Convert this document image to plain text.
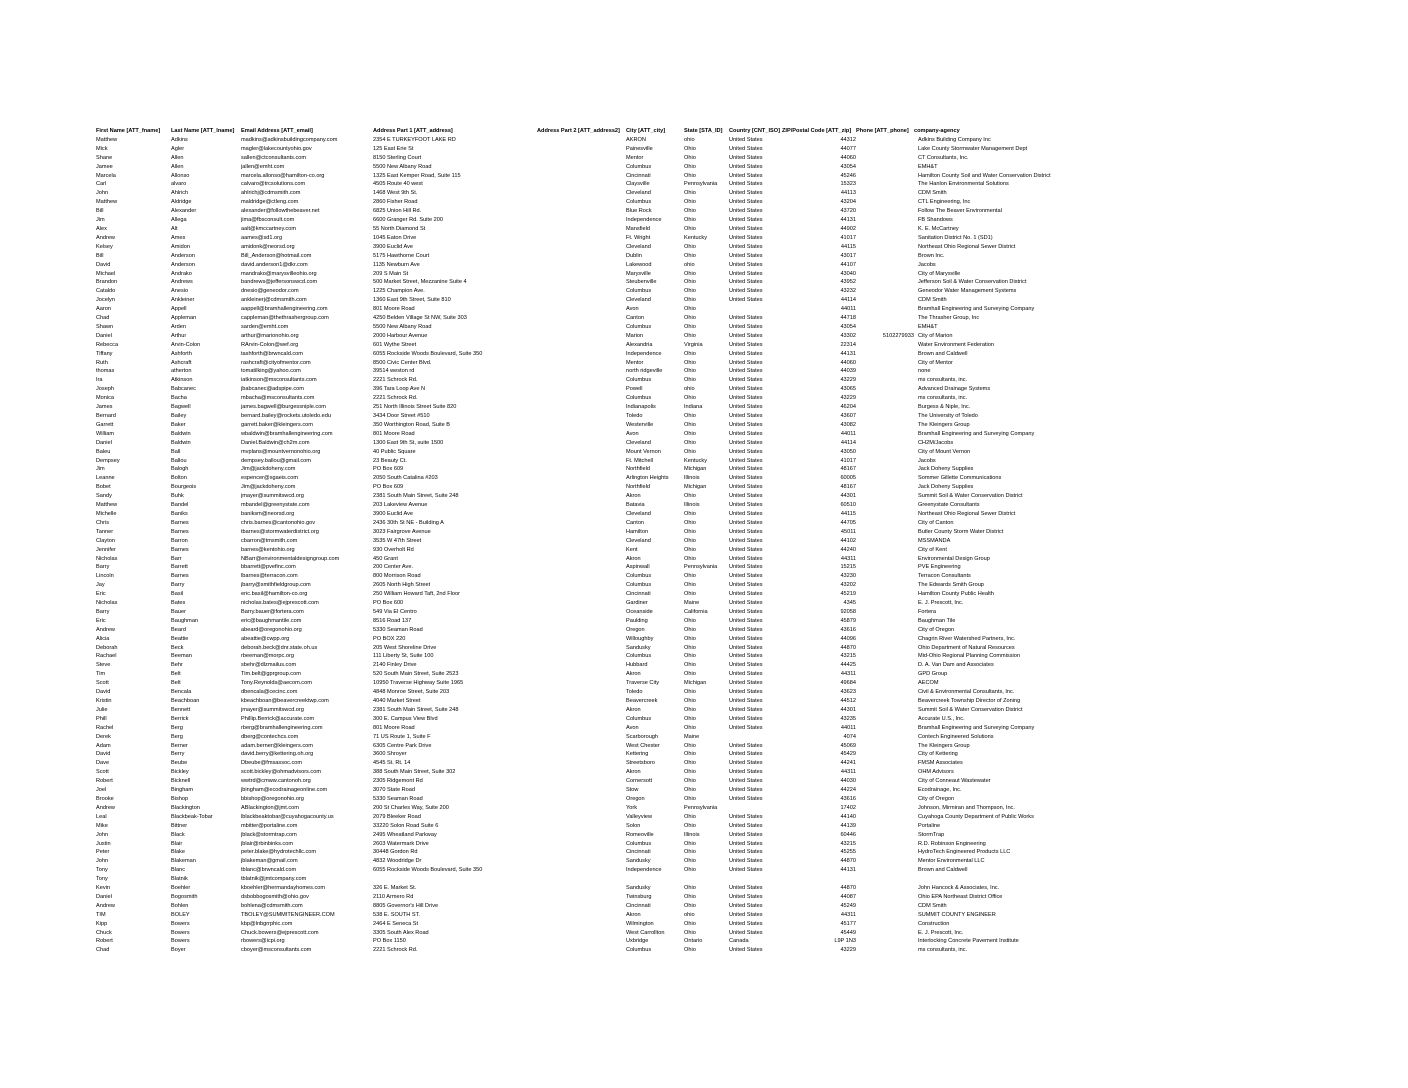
First Name [ATT_fname]	Last Name [ATT_lname]	Email Address [ATT_email]	Address Part 1 [ATT_address]	Address Part 2 [ATT_address2]	City [ATT_city]	State [STA_ID]	Country [CNT_ISO]	ZIP/Postal Code [ATT_zip]	Phone [ATT_phone]	company-agency
Matthew	Adkins	madkins@adkinsbuildingcompany.com	2354 E TURKEYFOOT LAKE RD		AKRON	ohio	United States	44312		Adkins Building Company Inc
Mick	Agler	magler@lakecountyohio.gov	125 East Erie St		Painesville	Ohio	United States	44077		Lake County Stormwater Management Dept
Shane	Allen	sallen@ctconsultants.com	8150 Sterling Court		Mentor	Ohio	United States	44060		CT Consultants, Inc.
Jamee	Allen	jallen@emht.com	5500 New Albany Road		Columbus	Ohio	United States	43054		EMH&T
Marcela	Allonso	marcela.allonso@hamilton-co.org	1325 East Kemper Road, Suite 115		Cincinnati	Ohio	United States	45246		Hamilton County Soil and Water Conservation District
Carl	alvaro	calvaro@trcsolutions.com	4505 Route 40 west		Claysville	Pennsylvania	United States	15323		The Hanlon Environmental Solutions
John	Ahlrich	ahlrichj@cdmsmith.com	1468 West 9th St.		Cleveland	Ohio	United States	44113		CDM Smith
Matthew	Aldridge	maldridge@ctleng.com	2860 Fisher Road		Columbus	Ohio	United States	43204		CTL Engineering, Inc
Bill	Alexander	alexander@followthebeaver.net	6825 Union Hill Rd.		Blue Rock	Ohio	United States	43720		Follow The Beaver Environmental
Jim	Allega	jima@fbsconsult.com	6600 Granger Rd. Suite 200		Independence	Ohio	United States	44131		FB Shandows
Alex	Alt	aalt@kmccartney.com	55 North Diamond St		Mansfield	Ohio	United States	44902		K. E. McCartney
Andrew	Ames	aames@sd1.org	1045 Eaton Drive		Ft. Wright	Kentucky	United States	41017		Sanitation District No. 1 (SD1)
Kelsey	Amidon	amidonk@neorsd.org	3900 Euclid Ave		Cleveland	Ohio	United States	44115		Northeast Ohio Regional Sewer District
Bill	Anderson	Bill_Anderson@hotmail.com	5175 Hawthorne Court		Dublin	Ohio	United States	43017		Brown Inc.
David	Anderson	david.anderson1@dkr.com	1135 Newburn Ave		Lakewood	ohio	United States	44107		Jacobs
Michael	Andrako	mandrako@marysvilleohio.org	209 S Main St		Marysville	Ohio	United States	43040		City of Marysville
Brandon	Andrews	bandrews@jeffersonswcd.com	500 Market Street, Mezzanine Suite 4		Steubenville	Ohio	United States	43952		Jefferson Soil & Water Conservation District
Cataldo	Anesio	dnesio@geneodor.com	1225 Champion Ave.		Columbus	Ohio	United States	43232		Geneodor Water Management Systems
Jocelyn	Ankleiner	ankleinerj@cdmsmith.com	1360 East 9th Street, Suite 810		Cleveland	Ohio	United States	44114		CDM Smith
Aaron	Appell	aappell@bramhallengineering.com	801 Moore Road		Avon	Ohio		44011		Bramhall Engineering and Surveying Company
Chad	Appleman	cappleman@thethrashergroup.com	4250 Belden Village St NW, Suite 303		Canton	Ohio	United States	44718		The Thrasher Group, Inc
Shawn	Arden	sarden@emht.com	5500 New Albany Road		Columbus	Ohio	United States	43054		EMH&T
Daniel	Arthur	arthur@marionohio.org	2000 Harbour Avenue		Marion	Ohio	United States	43302	5102279933	City of Marion
Rebecca	Arvin-Colon	RArvin-Colon@wef.org	601 Wythe Street		Alexandria	Virginia	United States	22314		Water Environment Federation
Tiffany	Ashforth	tashforth@brwncald.com	6055 Rockside Woods Boulevard, Suite 350		Independence	Ohio	United States	44131		Brown and Caldwell
Ruth	Ashcraft	rashcraft@cityofmentor.com	8500 Civic Center Blvd.		Mentor	Ohio	United States	44060		City of Mentor
thomas	atherton	tomatilking@yahoo.com	39514 weston rd		north ridgeville	Ohio	United States	44039		none
Ira	Atkinson	iatkinson@msconsultants.com	2221 Schrock Rd.		Columbus	Ohio	United States	43229		ms consultants, inc.
Joseph	Babcanec	jbabcanec@adspipe.com	396 Tara Loop Ave N		Powell	ohio	United States	43065		Advanced Drainage Systems
Monica	Bacha	mbacha@msconsultants.com	2221 Schrock Rd.		Columbus	Ohio	United States	43229		ms consultants, inc.
James	Bagwell	james.bagwell@burgessniple.com	251 North Illinois Street Suite 820		Indianapolis	Indiana	United States	46204		Burgess & Niple, Inc.
Bernard	Bailey	bernard.bailey@rockets.utoledo.edu	3434 Door Street #510		Toledo	Ohio	United States	43607		The University of Toledo
Garrett	Baker	garrett.baker@kleingers.com	350 Worthington Road, Suite B		Westerville	Ohio	United States	43082		The Kleingers Group
William	Baldwin	wbaldwin@bramhallengineering.com	801 Moore Road		Avon	Ohio	United States	44011		Bramhall Engineering and Surveying Company
Daniel	Baldwin	Daniel.Baldwin@ch2m.com	1300 East 9th St, suite 1500		Cleveland	Ohio	United States	44114		CH2M/Jacobs
Baleu	Ball	mvplans@mountvernonohio.org	40 Public Square		Mount Vernon	Ohio	United States	43050		City of Mount Vernon
Dempsey	Ballou	dempsey.ballou@gmail.com	23 Beauty Ct.		Ft. Mitchell	Kentucky	United States	41017		Jacobs
Jim	Balogh	Jim@jackdoheny.com	PO Box 609		Northfield	Michigan	United States	48167		Jack Doheny Supplies
Leanne	Bolton	espencer@sgaeis.com	2050 South Catalina #203		Arlington Heights	Illinois	United States	60005		Sommer Gillette Communications
Bobet	Bourgeois	Jim@jackdoheny.com	PO Box 609		Northfield	Michigan	United States	48167		Jack Doheny Supplies
Sandy	Buhk	jmayer@summitswcd.org	2381 South Main Street, Suite 248		Akron	Ohio	United States	44301		Summit Soil & Water Conservation District
Matthew	Bandel	mbandel@greenystate.com	203 Lakeview Avenue		Batavia	Illinois	United States	60510		Greenystate Consultants
Michelle	Baniks	baniksm@neorsd.org	3900 Euclid Ave		Cleveland	Ohio	United States	44115		Northeast Ohio Regional Sewer District
Chris	Barnes	chris.barnes@cantonohio.gov	2436 30th St NE - Building A		Canton	Ohio	United States	44705		City of Canton
Tanner	Barnes	tbarnes@stormwaterdistrict.org	3023 Fairgrove Avenue		Hamilton	Ohio	United States	45011		Butler County Storm Water District
Clayton	Barron	cbarron@tmsmith.com	3535 W 47th Street		Cleveland	Ohio	United States	44102		MSSMANDA
Jennifer	Barnes	barnes@kentohio.org	930 Overholt Rd		Kent	Ohio	United States	44240		City of Kent
Nicholas	Barr	NBarr@environmentaldesigngroup.com	450 Grant		Akron	Ohio	United States	44311		Environmental Design Group
Barry	Barrett	bbarrett@pvefinc.com	200 Center Ave.		Aspinwall	Pennsylvania	United States	15215		PVE Engineering
Lincoln	Barnes	lbarnes@terracon.com	800 Morrison Road		Columbus	Ohio	United States	43230		Terracon Consultants
Jay	Barry	jbarry@smithfieldgroup.com	2605 North High Street		Columbus	Ohio	United States	43202		The Edwards Smith Group
Eric	Basil	eric.basil@hamilton-co.org	250 William Howard Taft, 2nd Floor		Cincinnati	Ohio	United States	45219		Hamilton County Public Health
Nicholas	Bates	nicholas.bates@ejprescott.com	PO Box 600		Gardiner	Maine	United States	4345		E. J. Prescott, Inc.
Barry	Bauer	Barry.bauer@fortera.com	549 Via El Centro		Oceanside	California	United States	92058		Fortera
Eric	Baughman	eric@baughmantile.com	8516 Road 137		Paulding	Ohio	United States	45879		Baughman Tile
Andrew	Beard	abeard@oregonohio.org	5330 Seaman Road		Oregon	Ohio	United States	43616		City of Oregon
Alicia	Beattie	abeattie@cwpp.org	PO BOX 220		Willoughby	Ohio	United States	44096		Chagrin River Watershed Partners, Inc.
Deborah	Beck	deborah.beck@dnr.state.oh.us	205 West Shoreline Drive		Sandusky	Ohio	United States	44870		Ohio Department of Natural Resources
Rachael	Beeman	rbeeman@morpc.org	111 Liberty St, Suite 100		Columbus	Ohio	United States	43215		Mid-Ohio Regional Planning Commission
Steve	Behr	sbehr@dlzmailus.com	2140 Finley Drive		Hubbard	Ohio	United States	44425		D. A. Van Dam and Associates
Tim	Belt	Tim.belt@gprgroup.com	520 South Main Street, Suite 2523		Akron	Ohio	United States	44311		GPD Group
Scott	Belt	Tony.Reynolds@aecom.com	10950 Traverse Highway Suite 1965		Traverse City	Michigan	United States	49684		AECOM
David	Bencala	dbencala@cecinc.com	4848 Monroe Street, Suite 203		Toledo	Ohio	United States	43623		Civil & Environmental Consultants, Inc.
Kristin	Beachboan	kbeachboan@beavercreektwp.com	4040 Market Street		Beavercreek	Ohio	United States	44512		Beavercreek Township Director of Zoning
Julie	Bennett	jmayer@summitswcd.org	2381 South Main Street, Suite 248		Akron	Ohio	United States	44301		Summit Soil & Water Conservation District
Phill	Berrick	Phillip.Berrick@accurate.com	300 E. Campus View Blvd		Columbus	Ohio	United States	43235		Accurate U.S., Inc.
Rachel	Berg	rberg@bramhallengineering.com	801 Moore Road		Avon	Ohio	United States	44011		Bramhall Engineering and Surveying Company
Derek	Berg	dberg@contechcs.com	71 US Route 1, Suite F		Scarborough	Maine		4074		Contech Engineered Solutions
Adam	Berner	adam.berner@kleingers.com	6305 Centre Park Drive		West Chester	Ohio	United States	45069		The Kleingers Group
David	Berry	david.berry@kettering.oh.org	3600 Shroyer		Kettering	Ohio	United States	45429		City of Kettering
Dave	Beube	Dbeube@fmsassoc.com	4545 St. Rt. 14		Streetsboro	Ohio	United States	44241		FMSM Associates
Scott	Bickley	scott.bickley@ohmadvisors.com	388 South Main Street, Suite 302		Akron	Ohio	United States	44311		OHM Advisors
Robert	Bicknell	wwtrd@cmww.cantonoh.org	2305 Ridgemont Rd		Cornersott	Ohio	United States	44030		City of Conneaut Wastewater
Joel	Bingham	jbingham@ecodrainageonline.com	3070 State Road		Stow	Ohio	United States	44224		Ecodrainage, Inc.
Brooke	Bishop	bbishop@oregonohio.org	5330 Seaman Road		Oregon	Ohio	United States	43616		City of Oregon
Andrew	Blackington	ABlackington@jmt.com	200 St Charles Way, Suite 200		York	Pennsylvania		17402		Johnson, Mirmiran and Thompson, Inc.
Leal	Blackbeak-Tobar	lblackbeaktobar@cuyahogacounty.us	2079 Bleeker Road		Valleyview	Ohio	United States	44140		Cuyahoga County Department of Public Works
Mike	Bittner	mbitter@portaline.com	33220 Solon Road Suite 6		Solon	Ohio	United States	44139		Portaline
John	Black	jblack@stormtrap.com	2495 Wheatland Parkway		Romeoville	Illinois	United States	60446		StormTrap
Justin	Blair	jblair@rbinbinks.com	2603 Watermark Drive		Columbus	Ohio	United States	43215		R.D. Robinson Engineering
Peter	Blake	peter.blake@hydrotechllc.com	30448 Gordon Rd		Cincinnati	Ohio	United States	45255		HydroTech Engineered Products LLC
John	Blakeman	jblakeman@gmail.com	4832 Woodridge Dr		Sandusky	Ohio	United States	44870		Mentor Environmental LLC
Tony	Blanc	tblanc@brwncald.com	6055 Rockside Woods Boulevard, Suite 350		Independence	Ohio	United States	44131		Brown and Caldwell
Tony	Blatnik	tblatnik@jmtcompany.com								
Kevin	Boehler	kboehler@hermandayhomes.com	326 E. Market St.		Sandusky	Ohio	United States	44870		John Hancock & Associates, Inc.
Daniel	Bogosmith	dsbobbogosmith@ohio.gov	2110 Armero Rd		Twinsburg	Ohio	United States	44087		Ohio EPA Northeast District Office
Andrew	Bohlen	bohlena@cdmsmith.com	8805 Governor's Hill Drive		Cincinnati	Ohio	United States	45249		CDM Smith
TIM	BOLEY	TBOLEY@SUMMITENGINEER.COM	538 E. SOUTH ST.		Akron	ohio	United States	44311		SUMMIT COUNTY ENGINEER
Kipp	Bowers	kbp@lnbgrrphic.com	2464 E Seneca St		Wilmington	Ohio	United States	45177		Construction
Chuck	Bowers	Chuck.bowers@ejprescott.com	3305 South Alex Road		West Carrollton	Ohio	United States	45449		E. J. Prescott, Inc.
Robert	Bowers	rbowers@icpi.org	PO Box 1150		Uxbridge	Ontario	Canada	L9P 1N3		Interlocking Concrete Pavement Institute
Chad	Boyer	cboyer@msconsultants.com	2221 Schrock Rd.		Columbus	Ohio	United States	43229		ms consultants, inc.
